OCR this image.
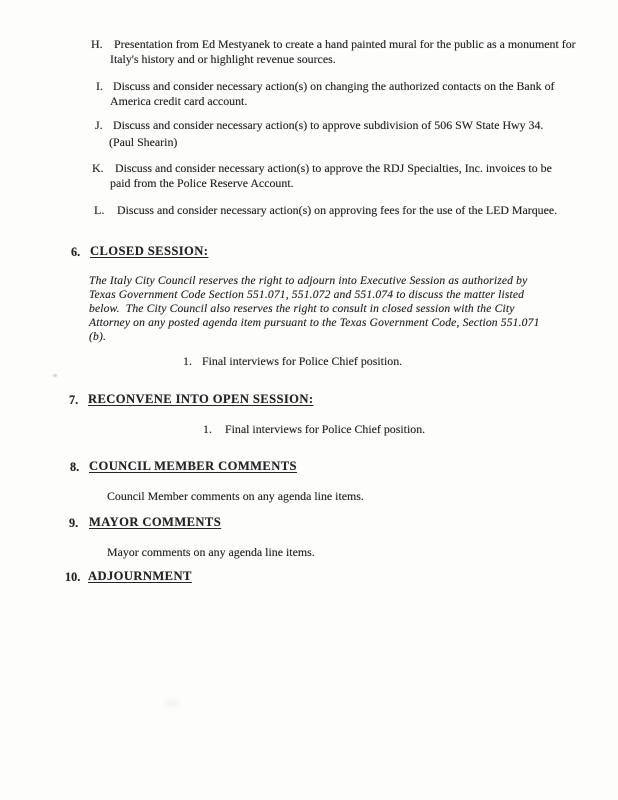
H. Presentation from Ed Mestyanek to create a hand painted mural for the public as a monument for
Italy's history and or highlight revenue sources.
I. Discuss and consider necessary action(s) on changing the authorized contacts on the Bank of
America credit card account.
J. Discuss and consider necessary action(s) to approve subdivision of 506 SW State Hwy 34.
(Paul Shearin)
K. Discuss and consider necessary action(s) to approve the RDJ Specialties, Inc. invoices to be
paid from the Police Reserve Account.
L. Discuss and consider necessary action(s) on approving fees for the use of the LED Marquee.
6. CLOSED SESSION:
The Italy City Council reserves the right to adjourn into Executive Session as authorized by
Texas Government Code Section 551.071, 551.072 and 551.074 to discuss the matter listed
below.  The City Council also reserves the right to consult in closed session with the City
Attorney on any posted agenda item pursuant to the Texas Government Code, Section 551.071
(b).
1. Final interviews for Police Chief position.
7. RECONVENE INTO OPEN SESSION:
1. Final interviews for Police Chief position.
8. COUNCIL MEMBER COMMENTS
Council Member comments on any agenda line items.
9. MAYOR COMMENTS
Mayor comments on any agenda line items.
10. ADJOURNMENT
